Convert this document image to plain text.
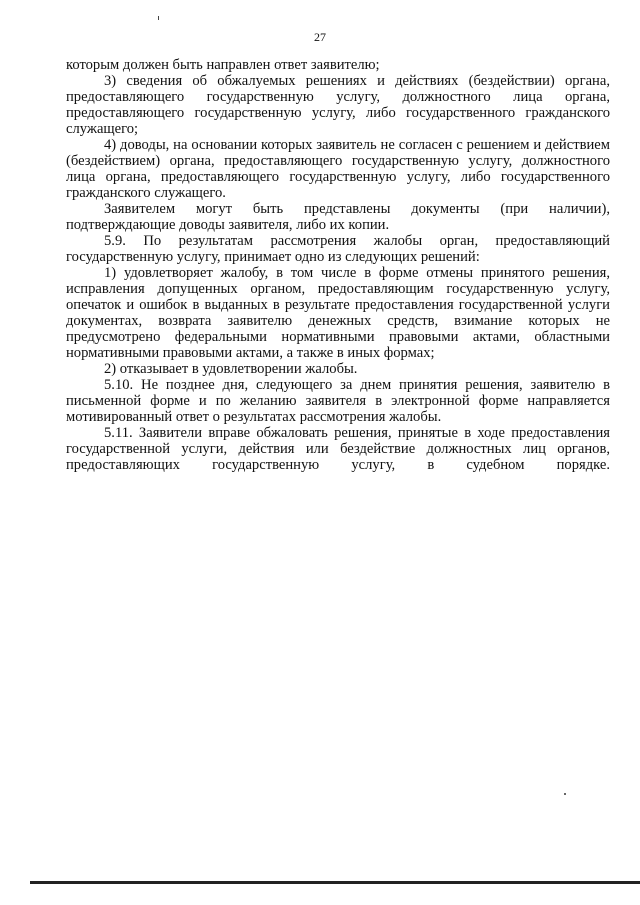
27

которым должен быть направлен ответ заявителю;

3) сведения об обжалуемых решениях и действиях (бездействии) органа, предоставляющего государственную услугу, должностного лица органа, предоставляющего государственную услугу, либо государственного гражданского служащего;

4) доводы, на основании которых заявитель не согласен с решением и действием (бездействием) органа, предоставляющего государственную услугу, должностного лица органа, предоставляющего государственную услугу, либо государственного гражданского служащего.

Заявителем могут быть представлены документы (при наличии), подтверждающие доводы заявителя, либо их копии.

5.9. По результатам рассмотрения жалобы орган, предоставляющий государственную услугу, принимает одно из следующих решений:

1) удовлетворяет жалобу, в том числе в форме отмены принятого решения, исправления допущенных органом, предоставляющим государственную услугу, опечаток и ошибок в выданных в результате предоставления государственной услуги документах, возврата заявителю денежных средств, взимание которых не предусмотрено федеральными нормативными правовыми актами, областными нормативными правовыми актами, а также в иных формах;

2) отказывает в удовлетворении жалобы.

5.10. Не позднее дня, следующего за днем принятия решения, заявителю в письменной форме и по желанию заявителя в электронной форме направляется мотивированный ответ о результатах рассмотрения жалобы.

5.11. Заявители вправе обжаловать решения, принятые в ходе предоставления государственной услуги, действия или бездействие должностных лиц органов, предоставляющих государственную услугу, в судебном порядке.
